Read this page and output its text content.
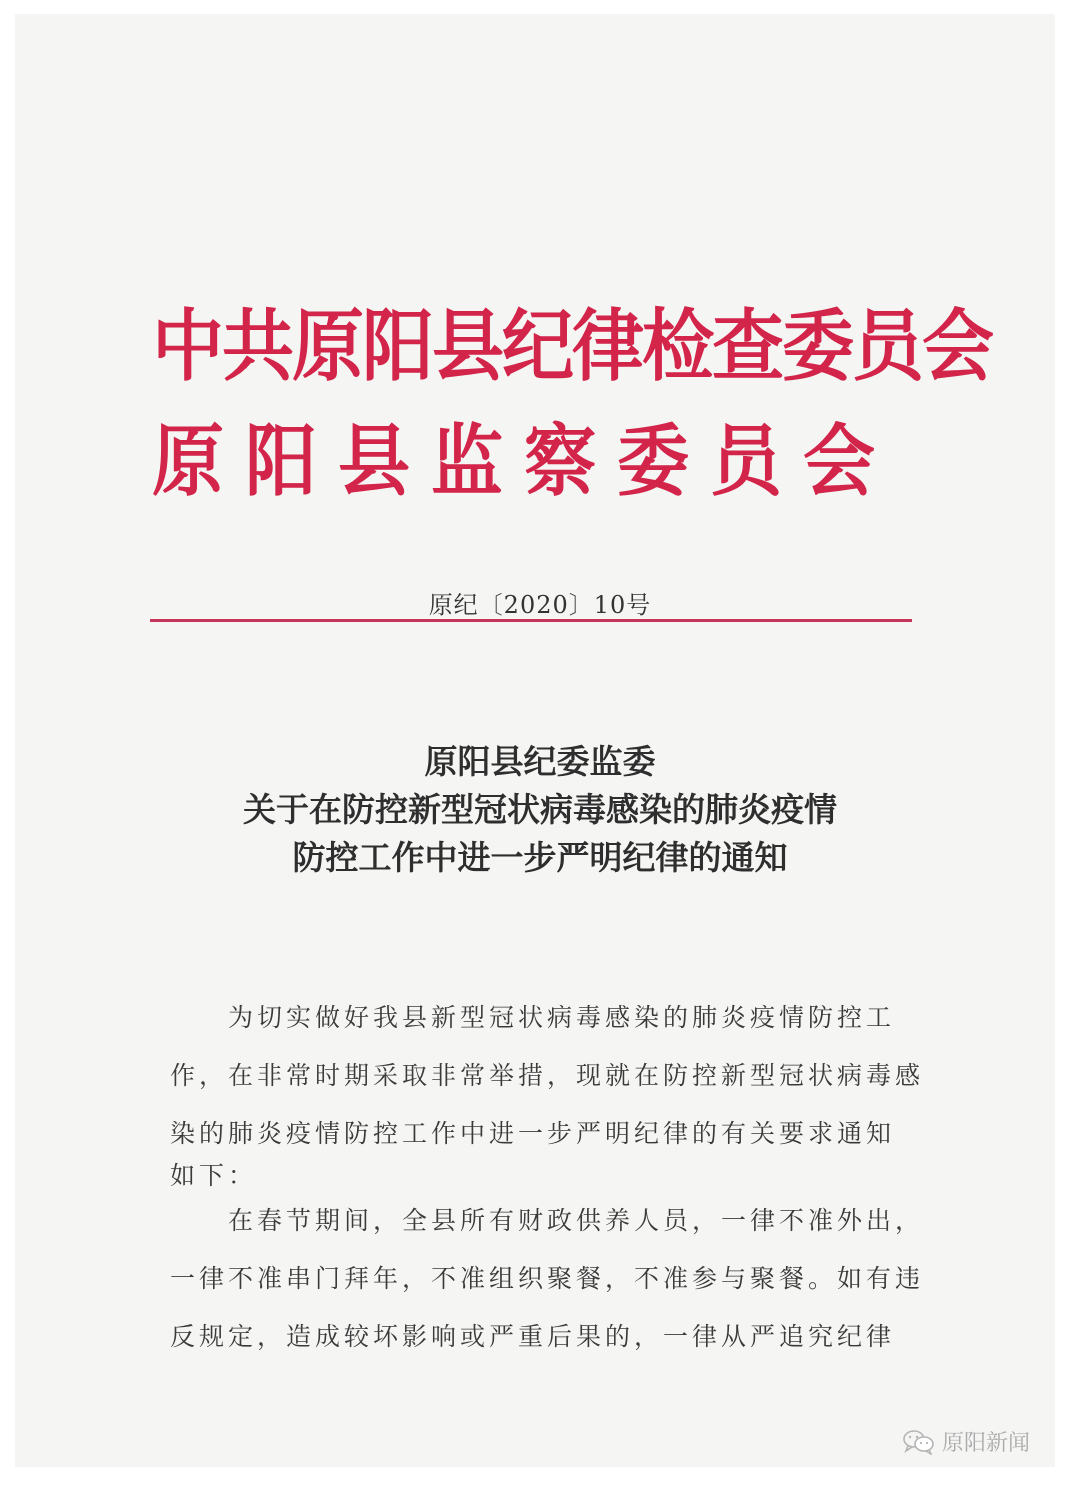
中共原阳县纪律检查委员会
原阳县监察委员会
原纪〔2020〕10号
原阳县纪委监委
关于在防控新型冠状病毒感染的肺炎疫情
防控工作中进一步严明纪律的通知
　　为切实做好我县新型冠状病毒感染的肺炎疫情防控工
作，在非常时期采取非常举措，现就在防控新型冠状病毒感
染的肺炎疫情防控工作中进一步严明纪律的有关要求通知
如下：
　　在春节期间，全县所有财政供养人员，一律不准外出，
一律不准串门拜年，不准组织聚餐，不准参与聚餐。如有违
反规定，造成较坏影响或严重后果的，一律从严追究纪律
原阳新闻
